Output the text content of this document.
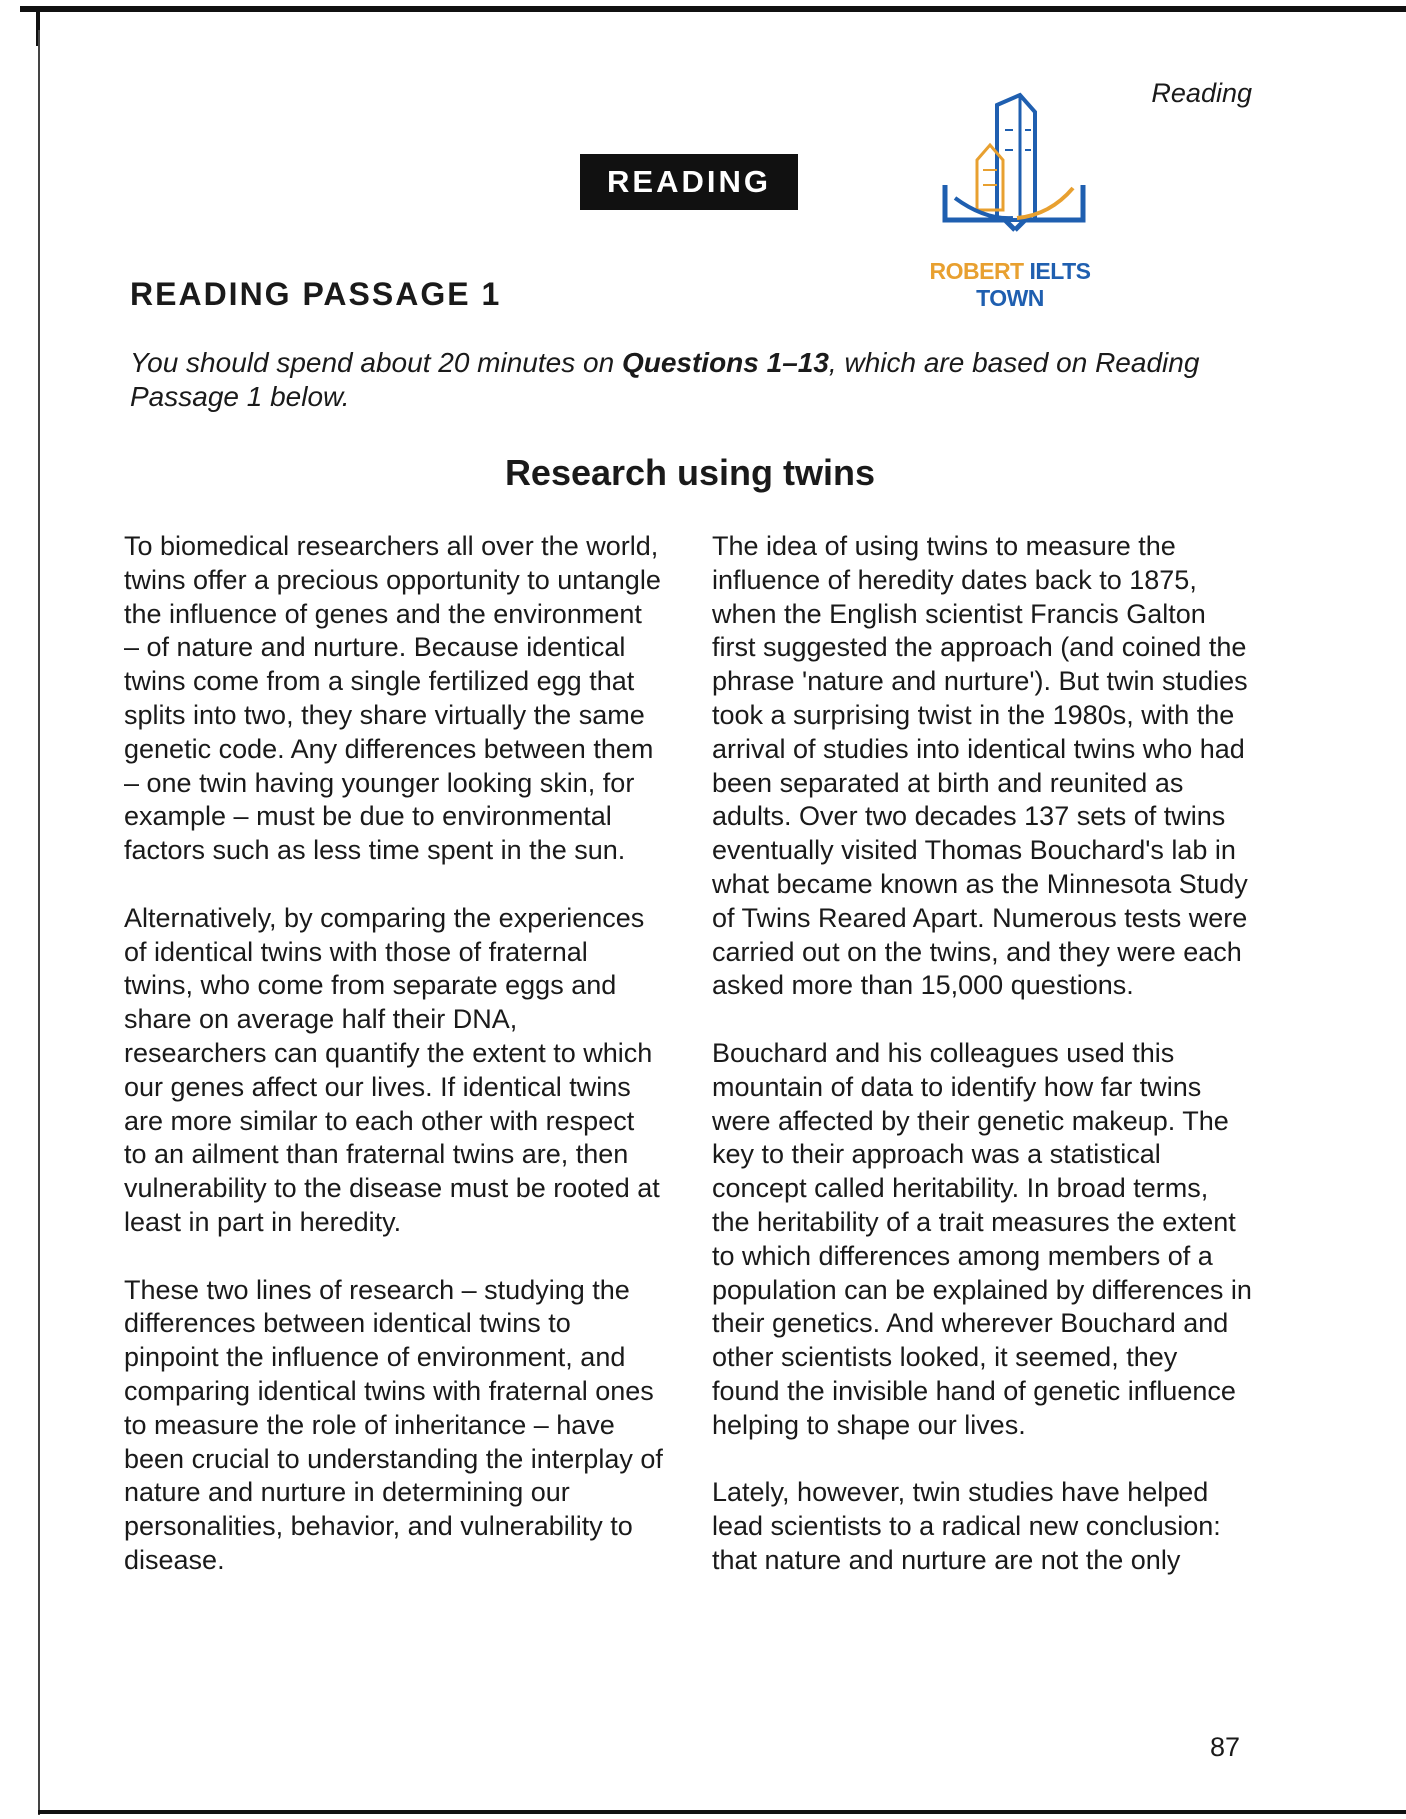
Reading
READING
ROBERT IELTS TOWN
READING PASSAGE 1
You should spend about 20 minutes on Questions 1–13, which are based on Reading Passage 1 below.
Research using twins

To biomedical researchers all over the world, twins offer a precious opportunity to untangle the influence of genes and the environment – of nature and nurture. Because identical twins come from a single fertilized egg that splits into two, they share virtually the same genetic code. Any differences between them – one twin having younger looking skin, for example – must be due to environmental factors such as less time spent in the sun.

Alternatively, by comparing the experiences of identical twins with those of fraternal twins, who come from separate eggs and share on average half their DNA, researchers can quantify the extent to which our genes affect our lives. If identical twins are more similar to each other with respect to an ailment than fraternal twins are, then vulnerability to the disease must be rooted at least in part in heredity.

These two lines of research – studying the differences between identical twins to pinpoint the influence of environment, and comparing identical twins with fraternal ones to measure the role of inheritance – have been crucial to understanding the interplay of nature and nurture in determining our personalities, behavior, and vulnerability to disease.

The idea of using twins to measure the influence of heredity dates back to 1875, when the English scientist Francis Galton first suggested the approach (and coined the phrase 'nature and nurture'). But twin studies took a surprising twist in the 1980s, with the arrival of studies into identical twins who had been separated at birth and reunited as adults. Over two decades 137 sets of twins eventually visited Thomas Bouchard's lab in what became known as the Minnesota Study of Twins Reared Apart. Numerous tests were carried out on the twins, and they were each asked more than 15,000 questions.

Bouchard and his colleagues used this mountain of data to identify how far twins were affected by their genetic makeup. The key to their approach was a statistical concept called heritability. In broad terms, the heritability of a trait measures the extent to which differences among members of a population can be explained by differences in their genetics. And wherever Bouchard and other scientists looked, it seemed, they found the invisible hand of genetic influence helping to shape our lives.

Lately, however, twin studies have helped lead scientists to a radical new conclusion: that nature and nurture are not the only

87
